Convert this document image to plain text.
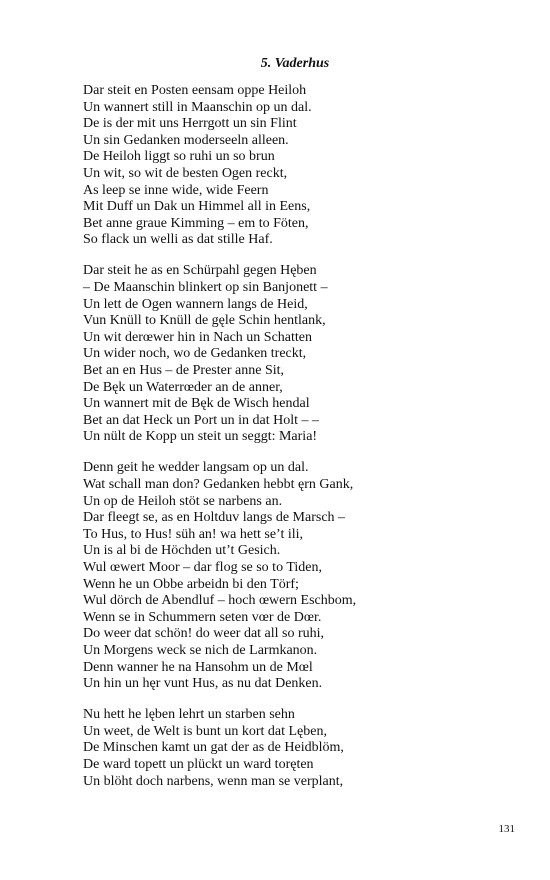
5. Vaderhus
Dar steit en Posten eensam oppe Heiloh
Un wannert still in Maanschin op un dal.
De is der mit uns Herrgott un sin Flint
Un sin Gedanken moderseeln alleen.
De Heiloh liggt so ruhi un so brun
Un wit, so wit de besten Ogen reckt,
As leep se inne wide, wide Feern
Mit Duff un Dak un Himmel all in Eens,
Bet anne graue Kimming – em to Föten,
So flack un welli as dat stille Haf.
Dar steit he as en Schürpahl gegen Hęben
– De Maanschin blinkert op sin Banjonett –
Un lett de Ogen wannern langs de Heid,
Vun Knüll to Knüll de gęle Schin hentlank,
Un wit derœwer hin in Nach un Schatten
Un wider noch, wo de Gedanken treckt,
Bet an en Hus – de Prester anne Sit,
De Bęk un Waterrœder an de anner,
Un wannert mit de Bęk de Wisch hendal
Bet an dat Heck un Port un in dat Holt – –
Un nült de Kopp un steit un seggt: Maria!
Denn geit he wedder langsam op un dal.
Wat schall man don? Gedanken hebbt ęrn Gank,
Un op de Heiloh stöt se narbens an.
Dar fleegt se, as en Holtduv langs de Marsch –
To Hus, to Hus! süh an! wa hett se’t ili,
Un is al bi de Höchden ut’t Gesich.
Wul œwert Moor – dar flog se so to Tiden,
Wenn he un Obbe arbeidn bi den Törf;
Wul dörch de Abendluf – hoch œwern Eschbom,
Wenn se in Schummern seten vœr de Dœr.
Do weer dat schön! do weer dat all so ruhi,
Un Morgens weck se nich de Larmkanon.
Denn wanner he na Hansohm un de Mœl
Un hin un hęr vunt Hus, as nu dat Denken.
Nu hett he lęben lehrt un starben sehn
Un weet, de Welt is bunt un kort dat Lęben,
De Minschen kamt un gat der as de Heidblöm,
De ward topett un plückt un ward toręten
Un blöht doch narbens, wenn man se verplant,
131
